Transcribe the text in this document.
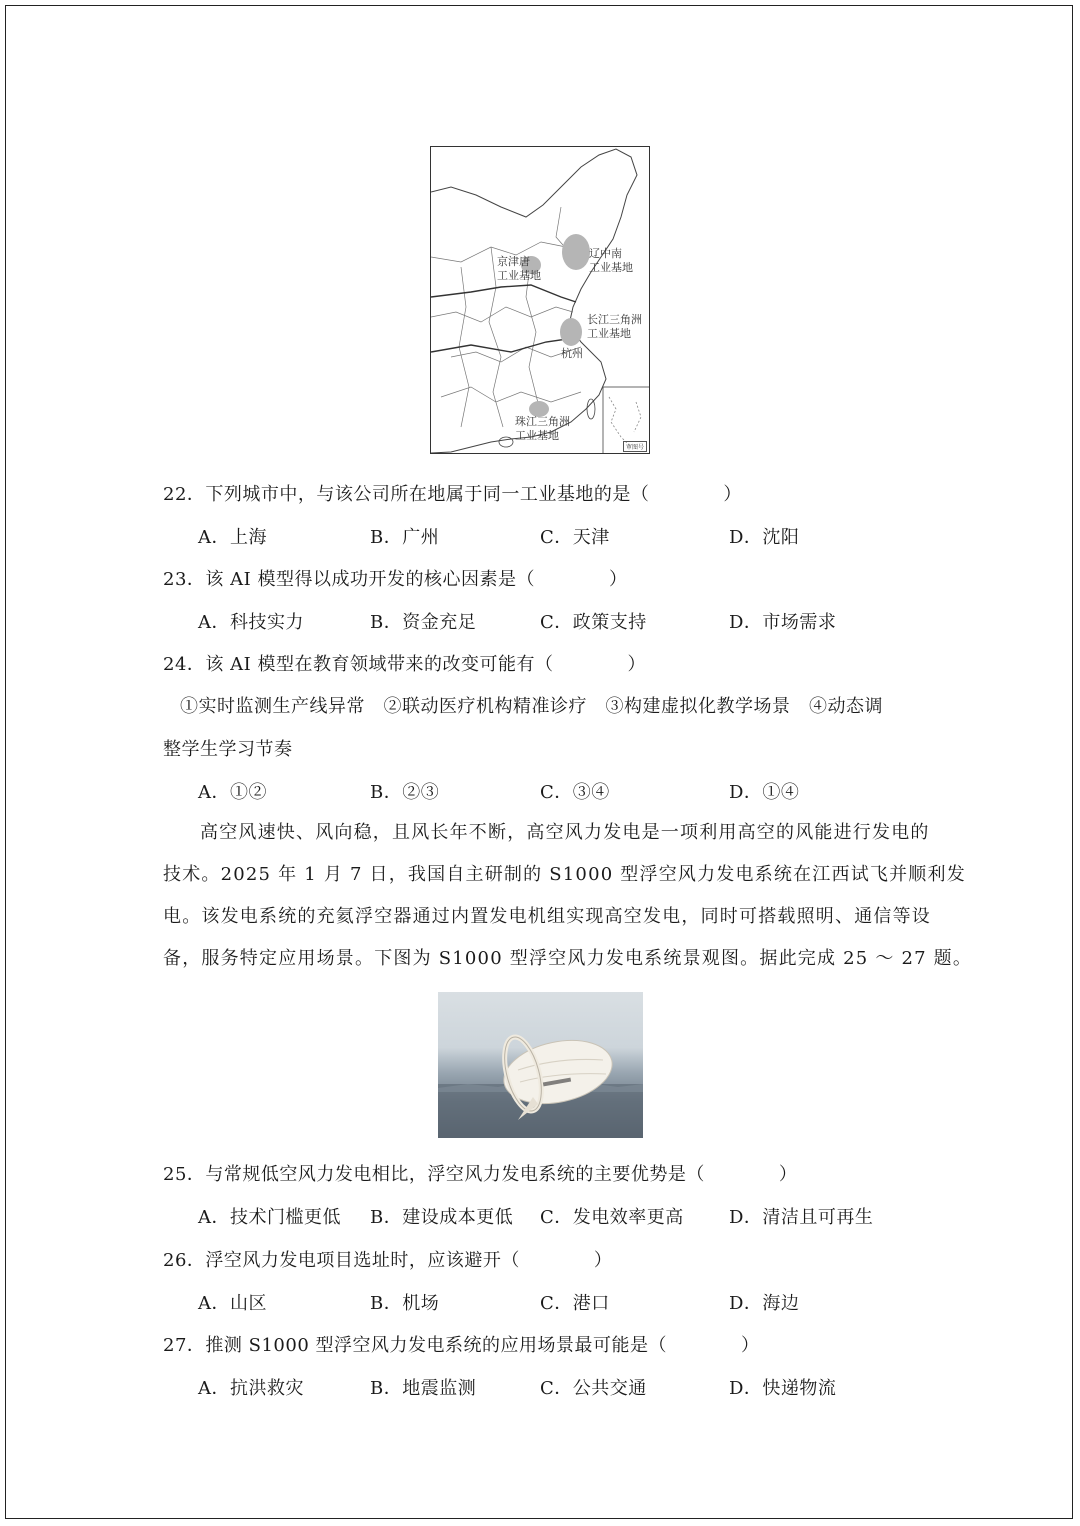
京津唐
工业基地
辽中南
工业基地
长江三角洲
工业基地
杭州
珠江三角洲
工业基地
审图号
22．下列城市中，与该公司所在地属于同一工业基地的是（　　　　）
A．上海	B．广州	C．天津	D．沈阳
23．该 AI 模型得以成功开发的核心因素是（　　　　）
A．科技实力	B．资金充足	C．政策支持	D．市场需求
24．该 AI 模型在教育领域带来的改变可能有（　　　　）
①实时监测生产线异常　②联动医疗机构精准诊疗　③构建虚拟化教学场景　④动态调
整学生学习节奏
A．①②	B．②③	C．③④	D．①④
高空风速快、风向稳，且风长年不断，高空风力发电是一项利用高空的风能进行发电的
技术。2025 年 1 月 7 日，我国自主研制的 S1000 型浮空风力发电系统在江西试飞并顺利发
电。该发电系统的充氦浮空器通过内置发电机组实现高空发电，同时可搭载照明、通信等设
备，服务特定应用场景。下图为 S1000 型浮空风力发电系统景观图。据此完成 25 ～ 27 题。
25．与常规低空风力发电相比，浮空风力发电系统的主要优势是（　　　　）
A．技术门槛更低 B．建设成本更低 C．发电效率更高	D．清洁且可再生
26．浮空风力发电项目选址时，应该避开（　　　　）
A．山区	B．机场	C．港口	D．海边
27．推测 S1000 型浮空风力发电系统的应用场景最可能是（　　　　）
A．抗洪救灾	B．地震监测	C．公共交通	D．快递物流
